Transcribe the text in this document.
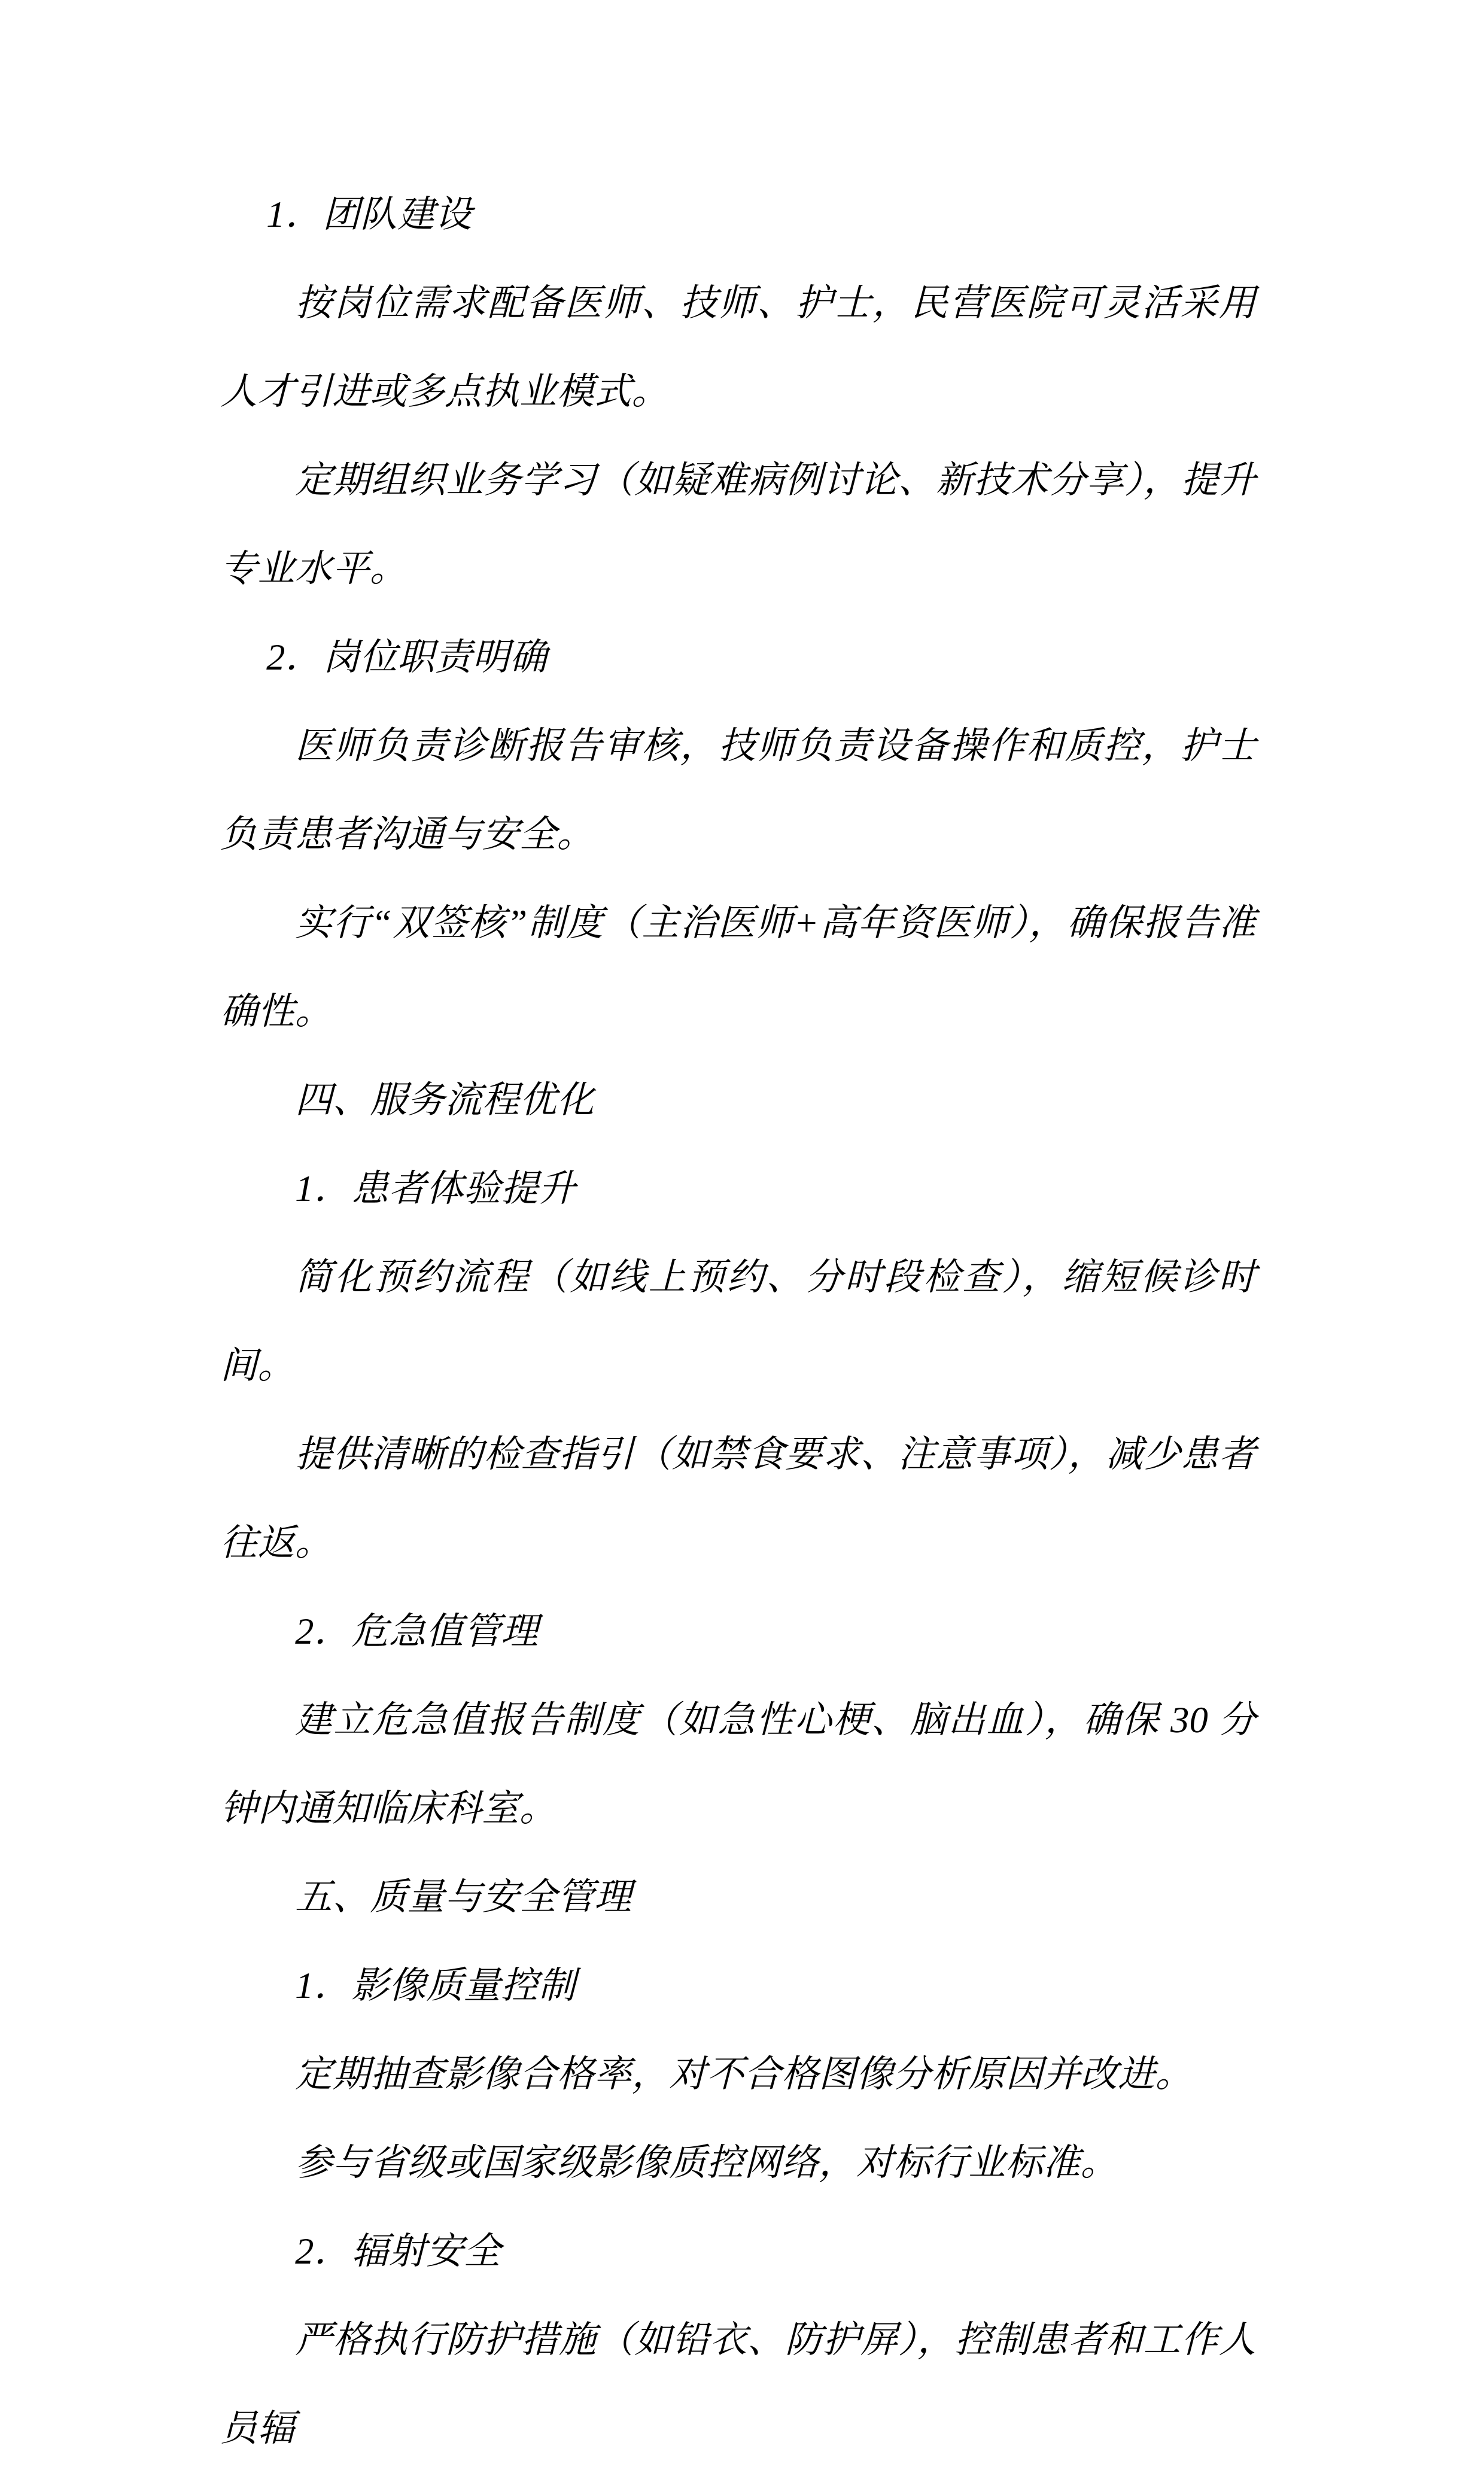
1．团队建设

按岗位需求配备医师、技师、护士，民营医院可灵活采用人才引进或多点执业模式。

定期组织业务学习（如疑难病例讨论、新技术分享），提升专业水平。

2．岗位职责明确

医师负责诊断报告审核，技师负责设备操作和质控，护士负责患者沟通与安全。

实行“双签核”制度（主治医师+高年资医师），确保报告准确性。

四、服务流程优化

1．患者体验提升

简化预约流程（如线上预约、分时段检查），缩短候诊时间。

提供清晰的检查指引（如禁食要求、注意事项），减少患者往返。

2．危急值管理

建立危急值报告制度（如急性心梗、脑出血），确保 30 分钟内通知临床科室。

五、质量与安全管理

1．影像质量控制

定期抽查影像合格率，对不合格图像分析原因并改进。

参与省级或国家级影像质控网络，对标行业标准。

2．辐射安全

严格执行防护措施（如铅衣、防护屏），控制患者和工作人员辐
